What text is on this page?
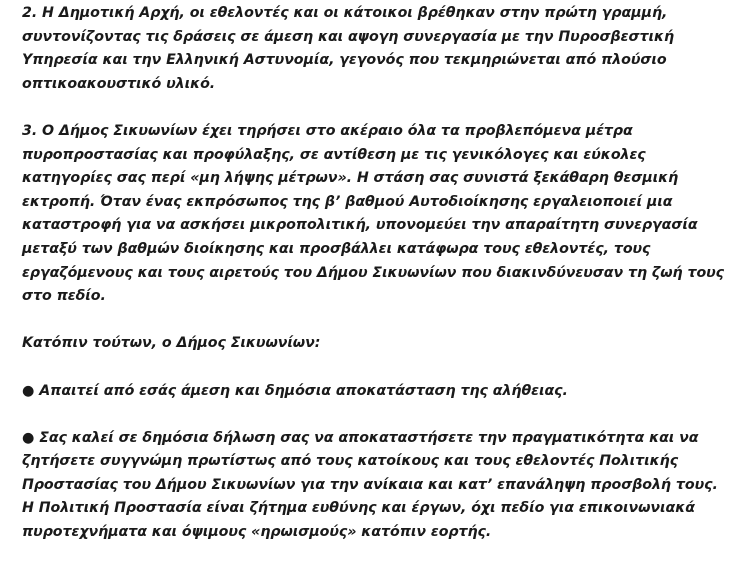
2. Η Δημοτική Αρχή, οι εθελοντές και οι κάτοικοι βρέθηκαν στην πρώτη γραμμή, συντονίζοντας τις δράσεις σε άμεση και αψογη συνεργασία με την Πυροσβεστική Υπηρεσία και την Ελληνική Αστυνομία, γεγονός που τεκμηριώνεται από πλούσιο οπτικοακουστικό υλικό.

3. Ο Δήμος Σικυωνίων έχει τηρήσει στο ακέραιο όλα τα προβλεπόμενα μέτρα πυροπροστασίας και προφύλαξης, σε αντίθεση με τις γενικόλογες και εύκολες κατηγορίες σας περί «μη λήψης μέτρων». Η στάση σας συνιστά ξεκάθαρη θεσμική εκτροπή. Όταν ένας εκπρόσωπος της β’ βαθμού Αυτοδιοίκησης εργαλειοποιεί μια καταστροφή για να ασκήσει μικροπολιτική, υπονομεύει την απαραίτητη συνεργασία μεταξύ των βαθμών διοίκησης και προσβάλλει κατάφωρα τους εθελοντές, τους εργαζόμενους και τους αιρετούς του Δήμου Σικυωνίων που διακινδύνευσαν τη ζωή τους στο πεδίο.

Κατόπιν τούτων, ο Δήμος Σικυωνίων:

● Απαιτεί από εσάς άμεση και δημόσια αποκατάσταση της αλήθειας.

● Σας καλεί σε δημόσια δήλωση σας να αποκαταστήσετε την πραγματικότητα και να ζητήσετε συγγνώμη πρωτίστως από τους κατοίκους και τους εθελοντές Πολιτικής Προστασίας του Δήμου Σικυωνίων για την ανίκαια και κατ’ επανάληψη προσβολή τους. Η Πολιτική Προστασία είναι ζήτημα ευθύνης και έργων, όχι πεδίο για επικοινωνιακά πυροτεχνήματα και όψιμους «ηρωισμούς» κατόπιν εορτής.
